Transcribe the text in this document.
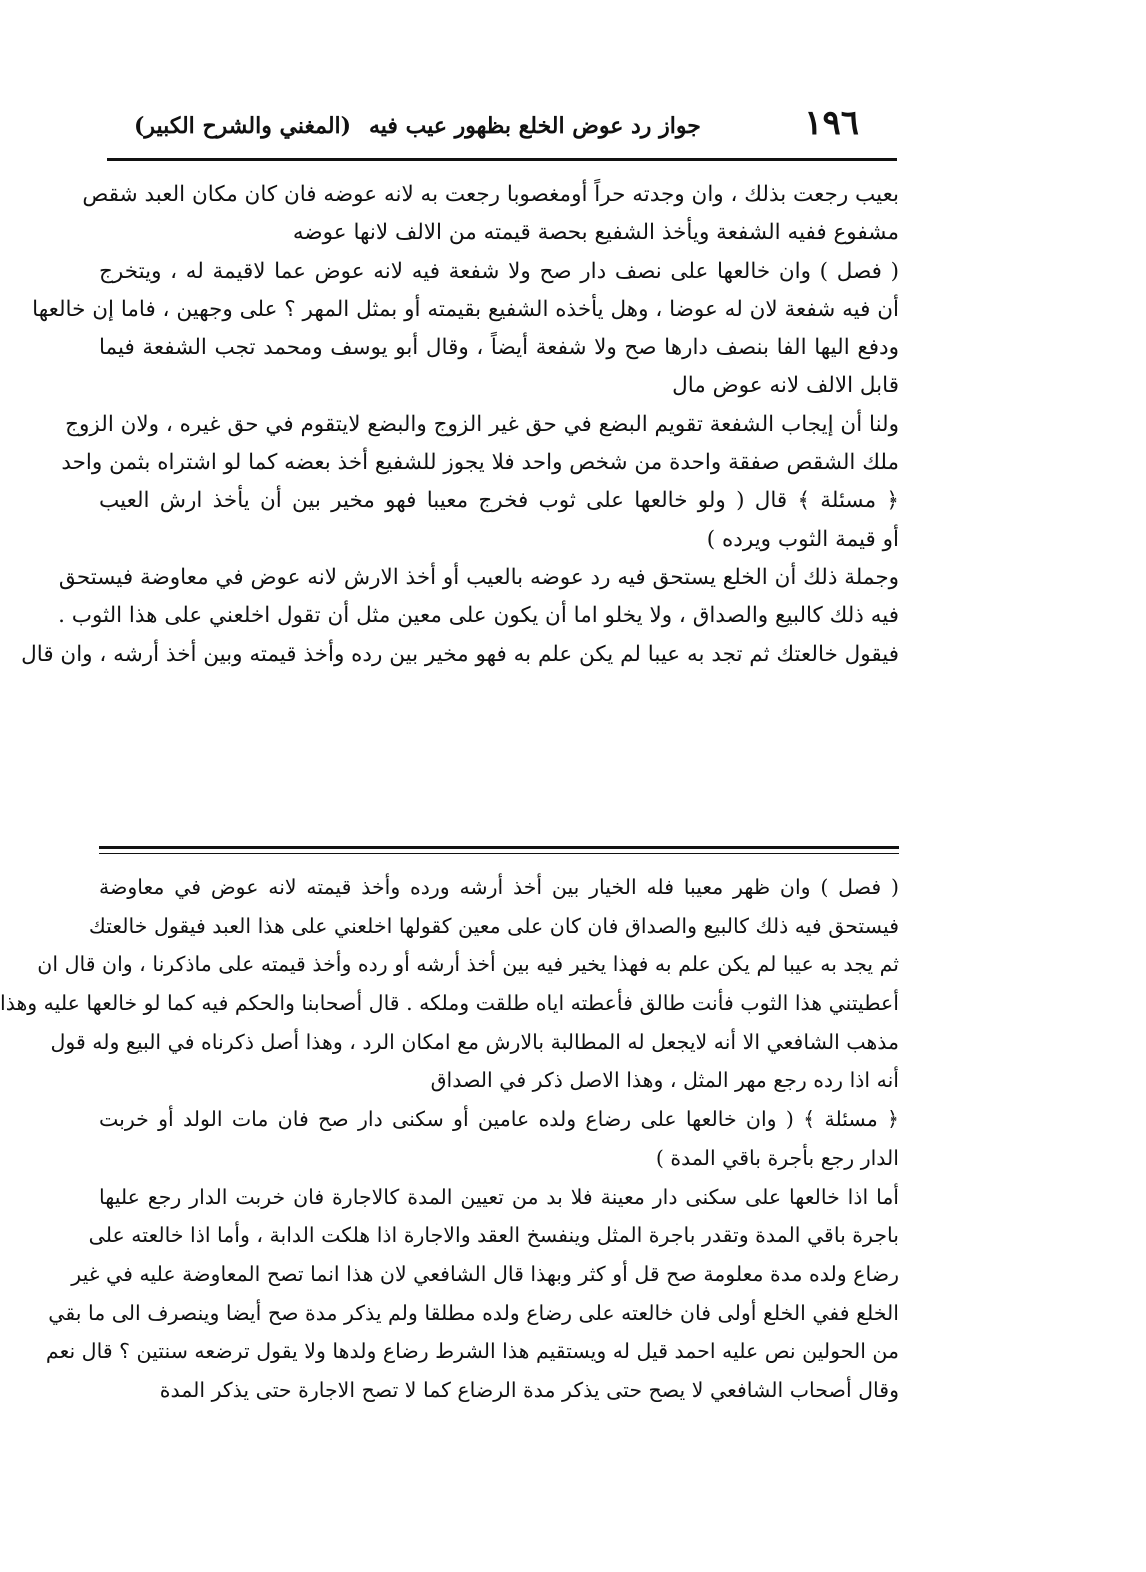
(المغني والشرح الكبير) جواز رد عوض الخلع بظهور عيب فيه	١٩٦
بعيب رجعت بذلك ، وان وجدته حراً أومغصوبا رجعت به لانه عوضه فان كان مكان العبد شقص
مشفوع ففيه الشفعة ويأخذ الشفيع بحصة قيمته من الالف لانها عوضه
( فصل ) وان خالعها على نصف دار صح ولا شفعة فيه لانه عوض عما لاقيمة له ، ويتخرج
أن فيه شفعة لان له عوضا ، وهل يأخذه الشفيع بقيمته أو بمثل المهر ؟ على وجهين ، فاما إن خالعها
ودفع اليها الفا بنصف دارها صح ولا شفعة أيضاً ، وقال أبو يوسف ومحمد تجب الشفعة فيما
قابل الالف لانه عوض مال
ولنا أن إيجاب الشفعة تقويم البضع في حق غير الزوج والبضع لايتقوم في حق غيره ، ولان الزوج
ملك الشقص صفقة واحدة من شخص واحد فلا يجوز للشفيع أخذ بعضه كما لو اشتراه بثمن واحد
﴿ مسئلة ﴾ قال ( ولو خالعها على ثوب فخرج معيبا فهو مخير بين أن يأخذ ارش العيب
أو قيمة الثوب ويرده )
وجملة ذلك أن الخلع يستحق فيه رد عوضه بالعيب أو أخذ الارش لانه عوض في معاوضة فيستحق
فيه ذلك كالبيع والصداق ، ولا يخلو اما أن يكون على معين مثل أن تقول اخلعني على هذا الثوب .
فيقول خالعتك ثم تجد به عيبا لم يكن علم به فهو مخير بين رده وأخذ قيمته وبين أخذ أرشه ، وان قال
( فصل ) وان ظهر معيبا فله الخيار بين أخذ أرشه ورده وأخذ قيمته لانه عوض في معاوضة
فيستحق فيه ذلك كالبيع والصداق فان كان على معين كقولها اخلعني على هذا العبد فيقول خالعتك
ثم يجد به عيبا لم يكن علم به فهذا يخير فيه بين أخذ أرشه أو رده وأخذ قيمته على ماذكرنا ، وان قال ان
أعطيتني هذا الثوب فأنت طالق فأعطته اياه طلقت وملكه . قال أصحابنا والحكم فيه كما لو خالعها عليه وهذا
مذهب الشافعي الا أنه لايجعل له المطالبة بالارش مع امكان الرد ، وهذا أصل ذكرناه في البيع وله قول
أنه اذا رده رجع مهر المثل ، وهذا الاصل ذكر في الصداق
﴿ مسئلة ﴾ ( وان خالعها على رضاع ولده عامين أو سكنى دار صح فان مات الولد أو خربت
الدار رجع بأجرة باقي المدة )
أما اذا خالعها على سكنى دار معينة فلا بد من تعيين المدة كالاجارة فان خربت الدار رجع عليها
باجرة باقي المدة وتقدر باجرة المثل وينفسخ العقد والاجارة اذا هلكت الدابة ، وأما اذا خالعته على
رضاع ولده مدة معلومة صح قل أو كثر وبهذا قال الشافعي لان هذا انما تصح المعاوضة عليه في غير
الخلع ففي الخلع أولى فان خالعته على رضاع ولده مطلقا ولم يذكر مدة صح أيضا وينصرف الى ما بقي
من الحولين نص عليه احمد قيل له ويستقيم هذا الشرط رضاع ولدها ولا يقول ترضعه سنتين ؟ قال نعم
وقال أصحاب الشافعي لا يصح حتى يذكر مدة الرضاع كما لا تصح الاجارة حتى يذكر المدة
